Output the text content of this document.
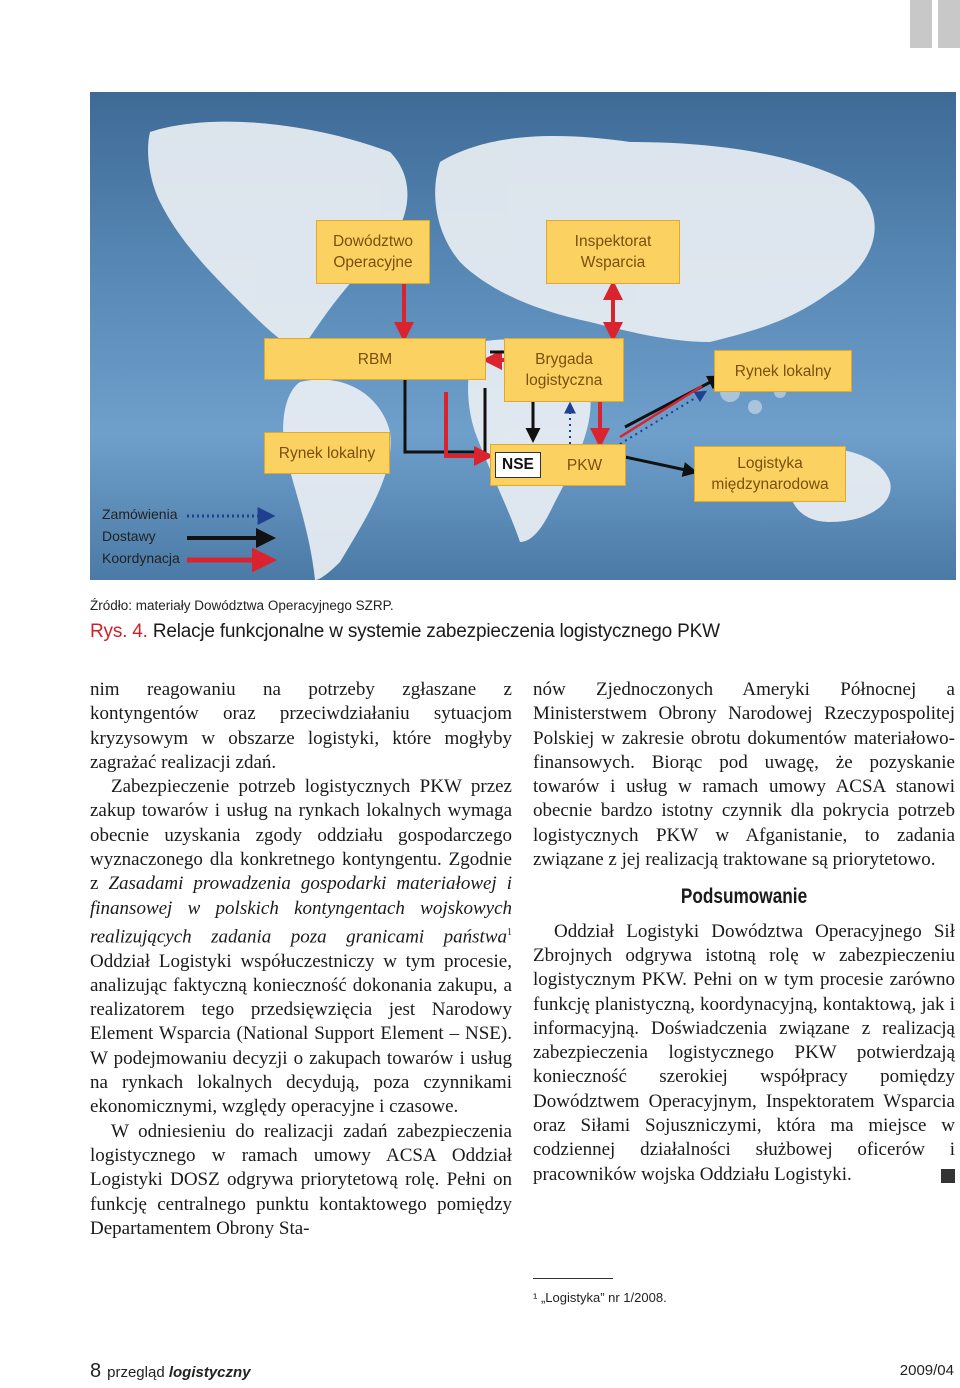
Dowództwo Operacyjne
Inspektorat Wsparcia
RBM	Brygada logistyczna
Rynek lokalny
Rynek lokalny
NSE	PKW	Logistyka międzynarodowa
Zamówienia
Dostawy
Koordynacja
Źródło: materiały Dowództwa Operacyjnego SZRP.
Rys. 4. Relacje funkcjonalne w systemie zabezpieczenia logistycznego PKW

nim reagowaniu na potrzeby zgłaszane z kontyngentów oraz przeciwdziałaniu sytuacjom kryzysowym w obszarze logistyki, które mogłyby zagrażać realizacji zdań.

Zabezpieczenie potrzeb logistycznych PKW przez zakup towarów i usług na rynkach lokalnych wymaga obecnie uzyskania zgody oddziału gospodarczego wyznaczonego dla konkretnego kontyngentu. Zgodnie z Zasadami prowadzenia gospodarki materiałowej i finansowej w polskich kontyngentach wojskowych realizujących zadania poza granicami państwa$^1$ Oddział Logistyki współuczestniczy w tym procesie, analizując faktyczną konieczność dokonania zakupu, a realizatorem tego przedsięwzięcia jest Narodowy Element Wsparcia (National Support Element – NSE). W podejmowaniu decyzji o zakupach towarów i usług na rynkach lokalnych decydują, poza czynnikami ekonomicznymi, względy operacyjne i czasowe.

W odniesieniu do realizacji zadań zabezpieczenia logistycznego w ramach umowy ACSA Oddział Logistyki DOSZ odgrywa priorytetową rolę. Pełni on funkcję centralnego punktu kontaktowego pomiędzy Departamentem Obrony Sta-

nów Zjednoczonych Ameryki Północnej a Ministerstwem Obrony Narodowej Rzeczypospolitej Polskiej w zakresie obrotu dokumentów materiałowo-finansowych. Biorąc pod uwagę, że pozyskanie towarów i usług w ramach umowy ACSA stanowi obecnie bardzo istotny czynnik dla pokrycia potrzeb logistycznych PKW w Afganistanie, to zadania związane z jej realizacją traktowane są priorytetowo.

Podsumowanie

Oddział Logistyki Dowództwa Operacyjnego Sił Zbrojnych odgrywa istotną rolę w zabezpieczeniu logistycznym PKW. Pełni on w tym procesie zarówno funkcję planistyczną, koordynacyjną, kontaktową, jak i informacyjną. Doświadczenia związane z realizacją zabezpieczenia logistycznego PKW potwierdzają konieczność szerokiej współpracy pomiędzy Dowództwem Operacyjnym, Inspektoratem Wsparcia oraz Siłami Sojuszniczymi, która ma miejsce w codziennej działalności służbowej oficerów i pracowników wojska Oddziału Logistyki.

¹ „Logistyka” nr 1/2008.
8 przegląd logistyczny	2009/04
